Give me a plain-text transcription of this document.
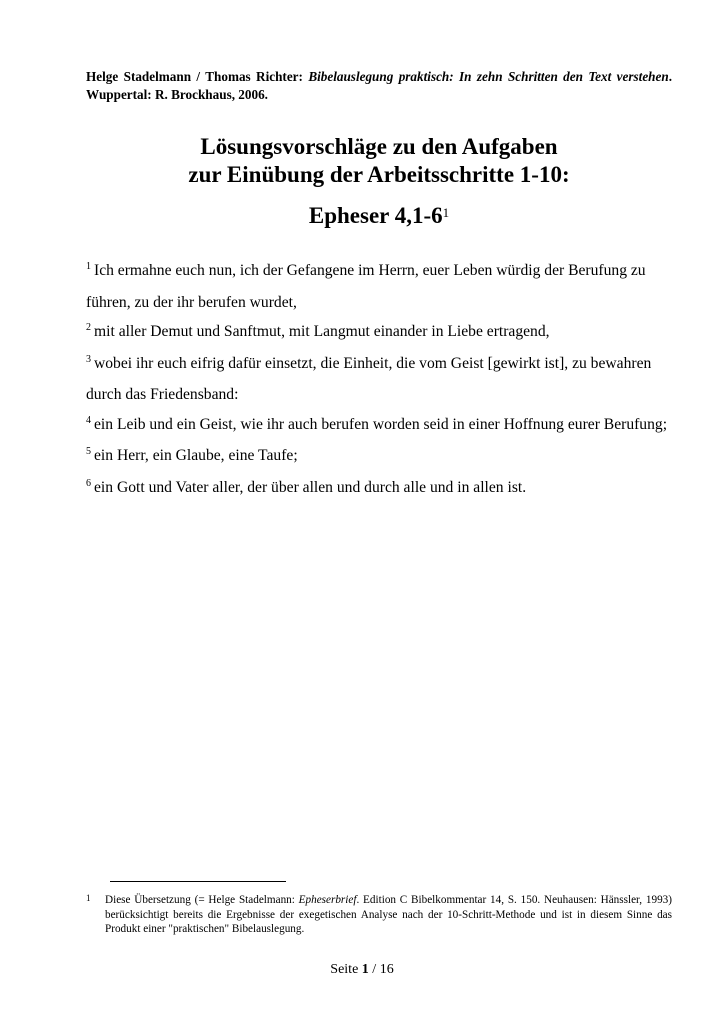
Helge Stadelmann / Thomas Richter: Bibelauslegung praktisch: In zehn Schritten den Text verstehen. Wuppertal: R. Brockhaus, 2006.
Lösungsvorschläge zu den Aufgaben
zur Einübung der Arbeitsschritte 1-10:
Epheser $4,1-6^1$
$^1$ Ich ermahne euch nun, ich der Gefangene im Herrn, euer Leben würdig der Berufung zu führen, zu der ihr berufen wurdet,
$^2$ mit aller Demut und Sanftmut, mit Langmut einander in Liebe ertragend,
$^3$ wobei ihr euch eifrig dafür einsetzt, die Einheit, die vom Geist [gewirkt ist], zu bewahren durch das Friedensband:
$^4$ ein Leib und ein Geist, wie ihr auch berufen worden seid in einer Hoffnung eurer Berufung;
$^5$ ein Herr, ein Glaube, eine Taufe;
$^6$ ein Gott und Vater aller, der über allen und durch alle und in allen ist.
1 Diese Übersetzung (= Helge Stadelmann: Epheserbrief. Edition C Bibelkommentar 14, S. 150. Neuhausen: Hänssler, 1993) berücksichtigt bereits die Ergebnisse der exegetischen Analyse nach der 10-Schritt-Methode und ist in diesem Sinne das Produkt einer "praktischen" Bibelauslegung.
Seite 1 / 16
